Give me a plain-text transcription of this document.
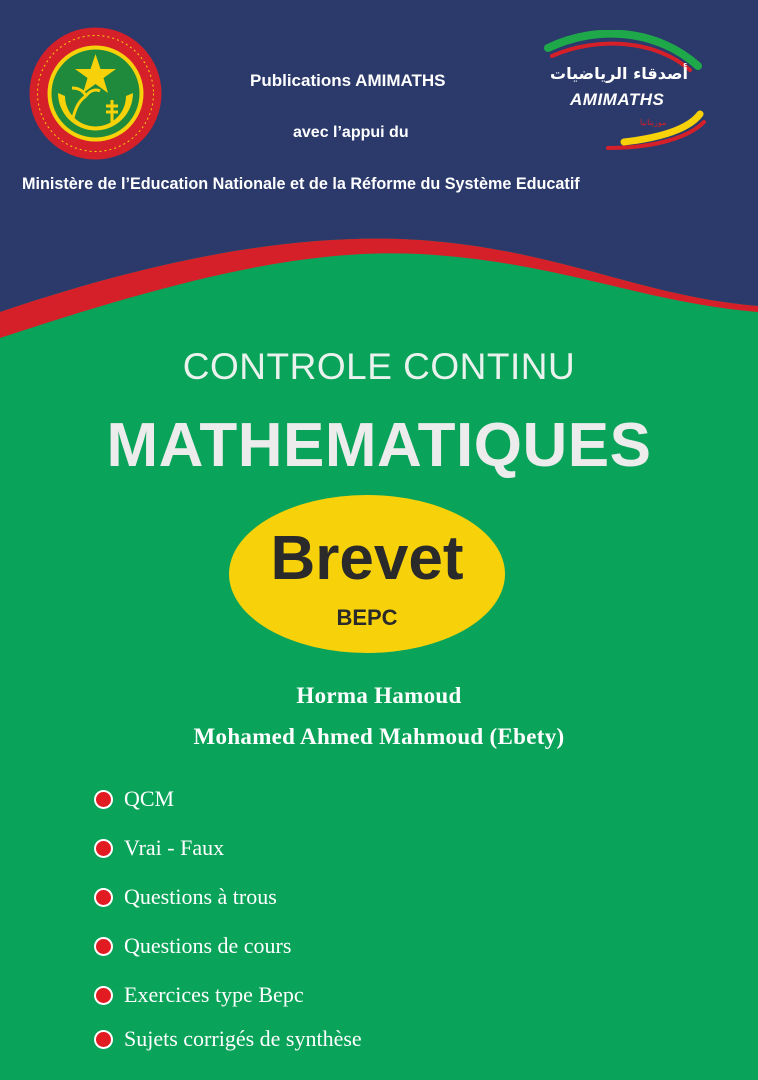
أصدقاء الرياضيات
AMIMATHS
موريتانيا
Publications AMIMATHS
avec l’appui du
Ministère de l’Education Nationale et de la Réforme du Système Educatif
CONTROLE CONTINU
MATHEMATIQUES
Brevet
BEPC
Horma Hamoud
Mohamed Ahmed Mahmoud (Ebety)
QCM
Vrai - Faux
Questions à trous
Questions de cours
Exercices type Bepc
Sujets corrigés de synthèse
